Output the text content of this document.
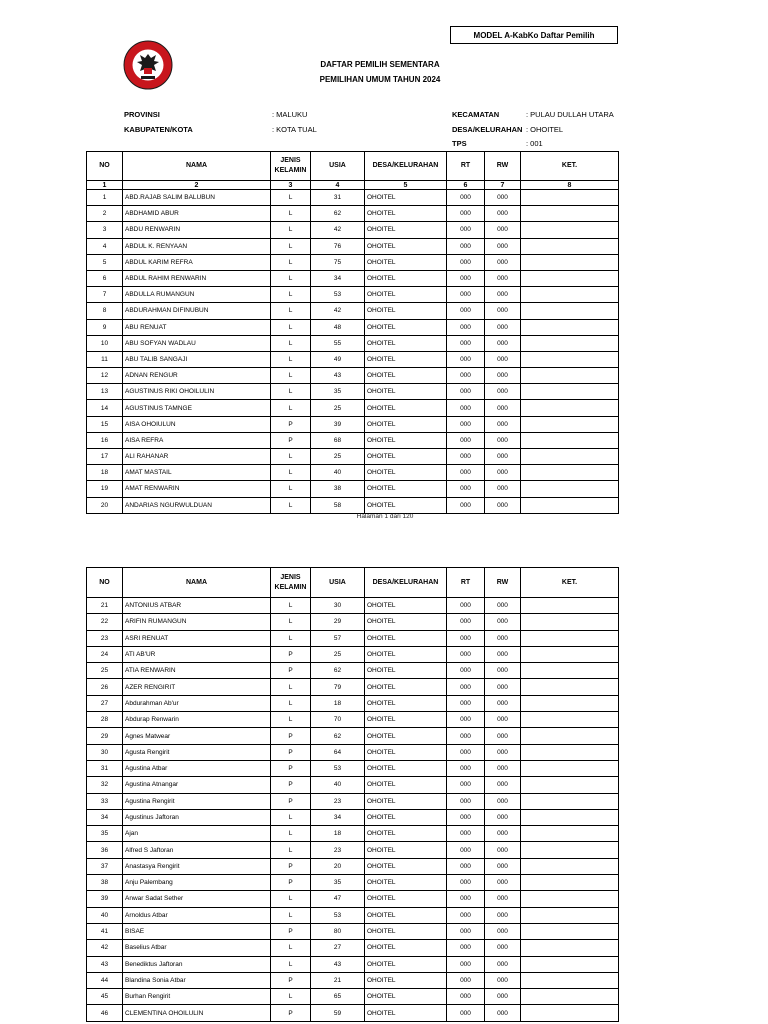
MODEL A-KabKo Daftar Pemilih
DAFTAR PEMILIH SEMENTARA
PEMILIHAN UMUM TAHUN 2024
PROVINSI	: MALUKU
KABUPATEN/KOTA	: KOTA TUAL
KECAMATAN	: PULAU DULLAH UTARA
DESA/KELURAHAN : OHOITEL
TPS	: 001
NO	NAMA	JENIS
KELAMIN	USIA	DESA/KELURAHAN	RT	RW	KET.
1	2	3	4	5	6	7	8
1	ABD.RAJAB SALIM BALUBUN	L	31	OHOITEL	000	000	
2	ABDHAMID ABUR	L	62	OHOITEL	000	000	
3	ABDU RENWARIN	L	42	OHOITEL	000	000	
4	ABDUL K. RENYAAN	L	76	OHOITEL	000	000	
5	ABDUL KARIM REFRA	L	75	OHOITEL	000	000	
6	ABDUL RAHIM RENWARIN	L	34	OHOITEL	000	000	
7	ABDULLA RUMANGUN	L	53	OHOITEL	000	000	
8	ABDURAHMAN DIFINUBUN	L	42	OHOITEL	000	000	
9	ABU RENUAT	L	48	OHOITEL	000	000	
10	ABU SOFYAN WADLAU	L	55	OHOITEL	000	000	
11	ABU TALIB SANGAJI	L	49	OHOITEL	000	000	
12	ADNAN RENGUR	L	43	OHOITEL	000	000	
13	AGUSTINUS RIKI OHOILULIN	L	35	OHOITEL	000	000	
14	AGUSTINUS TAMNGE	L	25	OHOITEL	000	000	
15	AISA OHOIULUN	P	39	OHOITEL	000	000	
16	AISA REFRA	P	68	OHOITEL	000	000	
17	ALI RAHANAR	L	25	OHOITEL	000	000	
18	AMAT MASTAIL	L	40	OHOITEL	000	000	
19	AMAT RENWARIN	L	38	OHOITEL	000	000	
20	ANDARIAS NGURWULDUAN	L	58	OHOITEL	000	000	
Halaman 1 dari 120
NO	NAMA	JENIS
KELAMIN	USIA	DESA/KELURAHAN	RT	RW	KET.
21	ANTONIUS ATBAR	L	30	OHOITEL	000	000	
22	ARIFIN RUMANGUN	L	29	OHOITEL	000	000	
23	ASRI RENUAT	L	57	OHOITEL	000	000	
24	ATI AB'UR	P	25	OHOITEL	000	000	
25	ATIA RENWARIN	P	62	OHOITEL	000	000	
26	AZER RENGIRIT	L	79	OHOITEL	000	000	
27	Abdurahman Ab'ur	L	18	OHOITEL	000	000	
28	Abdurap Renwarin	L	70	OHOITEL	000	000	
29	Agnes Matwear	P	62	OHOITEL	000	000	
30	Agusta Rengirit	P	64	OHOITEL	000	000	
31	Agustina Atbar	P	53	OHOITEL	000	000	
32	Agustina Atnangar	P	40	OHOITEL	000	000	
33	Agustina Rengirit	P	23	OHOITEL	000	000	
34	Agustinus Jaftoran	L	34	OHOITEL	000	000	
35	Ajan	L	18	OHOITEL	000	000	
36	Alfred S Jaftoran	L	23	OHOITEL	000	000	
37	Anastasya Rengirit	P	20	OHOITEL	000	000	
38	Anju Palembang	P	35	OHOITEL	000	000	
39	Anwar Sadat Sether	L	47	OHOITEL	000	000	
40	Arnoldus Atbar	L	53	OHOITEL	000	000	
41	BISAE	P	80	OHOITEL	000	000	
42	Baselius Atbar	L	27	OHOITEL	000	000	
43	Benediktus Jaftoran	L	43	OHOITEL	000	000	
44	Blandina Sonia Atbar	P	21	OHOITEL	000	000	
45	Burhan Rengirit	L	65	OHOITEL	000	000	
46	CLEMENTINA OHOILULIN	P	59	OHOITEL	000	000	
